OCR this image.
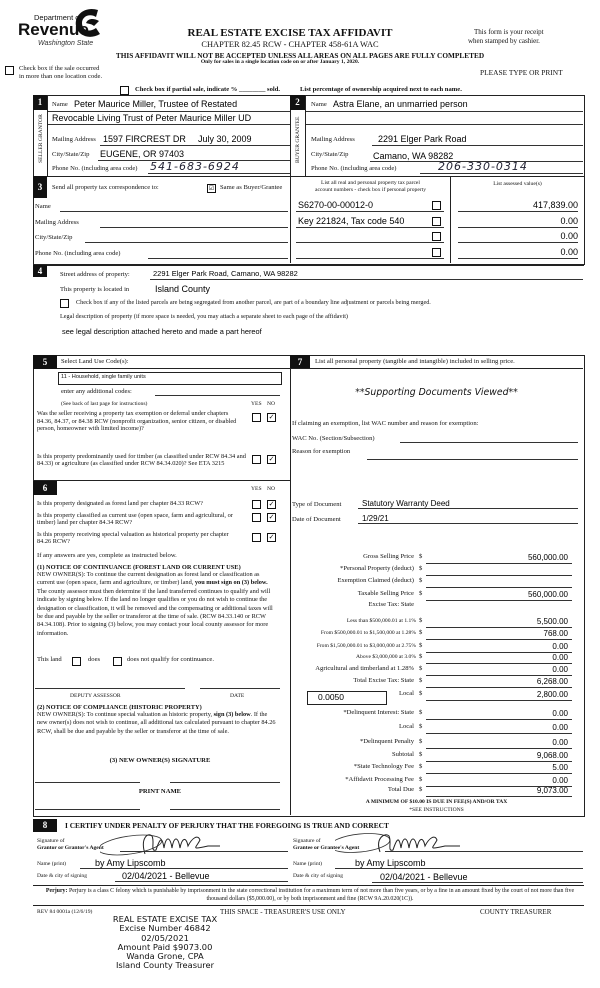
Department of
Revenue
Washington State
REAL ESTATE EXCISE TAX AFFIDAVIT
CHAPTER 82.45 RCW - CHAPTER 458-61A WAC
This form is your receipt
when stamped by cashier.
THIS AFFIDAVIT WILL NOT BE ACCEPTED UNLESS ALL AREAS ON ALL PAGES ARE FULLY COMPLETED
Only for sales in a single location code on or after January 1, 2020.
Check box if the sale occurred
in more than one location code.	PLEASE TYPE OR PRINT
Check box if partial sale, indicate % ________ sold.	List percentage of ownership acquired next to each name.
1
SELLER GRANTOR
Name Peter Maurice Miller, Trustee of Restated
Revocable Living Trust of Peter Maurice Miller UD
Mailing Address 1597 FIRCREST DR July 30, 2009
City/State/Zip EUGENE, OR 97403
Phone No. (including area code) 541-683-6924
2
BUYER GRANTEE
Name Astra Elane, an unmarried person
Mailing Address	2291 Elger Park Road
City/State/Zip	Camano, WA 98282
Phone No. (including area code)	206-330-0314
3	Send all property tax correspondence to:	☑ Same as Buyer/Grantee
Name
Mailing Address
City/State/Zip
Phone No. (including area code)
List all real and personal property tax parcel
account numbers - check box if personal property
List assessed value(s)
S6270-00-00012-0	417,839.00
Key 221824, Tax code 540	0.00
0.00
0.00
4	Street address of property:	2291 Elger Park Road, Camano, WA 98282
This property is located in	Island County
Check box if any of the listed parcels are being segregated from another parcel, are part of a boundary line adjustment or parcels being merged.
Legal description of property (if more space is needed, you may attach a separate sheet to each page of the affidavit)
see legal description attached hereto and made a part hereof
5	Select Land Use Code(s):
11 - Household, single family units
enter any additional codes:
(See back of last page for instructions)	YES NO
Was the seller receiving a property tax exemption or deferral under chapters 84.36, 84.37, or 84.38 RCW (nonprofit organization, senior citizen, or disabled person, homeowner with limited income)?
✓
Is this property predominantly used for timber (as classified under RCW 84.34 and 84.33) or agriculture (as classified under RCW 84.34.020)? See ETA 3215
✓
6	YES NO
Is this property designated as forest land per chapter 84.33 RCW?	✓
Is this property classified as current use (open space, farm and agricultural, or timber) land per chapter 84.34 RCW?
✓
Is this property receiving special valuation as historical property per chapter 84.26 RCW?	✓
If any answers are yes, complete as instructed below.
(1) NOTICE OF CONTINUANCE (FOREST LAND OR CURRENT USE)
NEW OWNER(S): To continue the current designation as forest land or classification as current use (open space, farm and agriculture, or timber) land, you must sign on (3) below. The county assessor must then determine if the land transferred continues to qualify and will indicate by signing below. If the land no longer qualifies or you do not wish to continue the designation or classification, it will be removed and the compensating or additional taxes will be due and payable by the seller or transferor at the time of sale. (RCW 84.33.140 or RCW 84.34.108). Prior to signing (3) below, you may contact your local county assessor for more information.
This land	does	does not qualify for continuance.
DEPUTY ASSESSOR	DATE
(2) NOTICE OF COMPLIANCE (HISTORIC PROPERTY)
NEW OWNER(S): To continue special valuation as historic property, sign (3) below. If the new owner(s) does not wish to continue, all additional tax calculated pursuant to chapter 84.26 RCW, shall be due and payable by the seller or transferor at the time of sale.
(3) NEW OWNER(S) SIGNATURE
PRINT NAME
7	List all personal property (tangible and intangible) included in selling price.
**Supporting Documents Viewed**
If claiming an exemption, list WAC number and reason for exemption:
WAC No. (Section/Subsection)
Reason for exemption
Type of Document	Statutory Warranty Deed
Date of Document	1/29/21
Gross Selling Price $	560,000.00
*Personal Property (deduct) $
Exemption Claimed (deduct) $
Taxable Selling Price $	560,000.00
Excise Tax: State
Less than $500,000.01 at 1.1% $	5,500.00
From $500,000.01 to $1,500,000 at 1.28% $	768.00
From $1,500,000.01 to $3,000,000 at 2.75% $	0.00
Above $3,000,000 at 3.0% $	0.00
Agricultural and timberland at 1.28% $	0.00
Total Excise Tax: State $	6,268.00
Local $	2,800.00
*Delinquent Interest: State $	0.00
Local $	0.00
*Delinquent Penalty $	0.00
Subtotal $	9,068.00
*State Technology Fee $	5.00
*Affidavit Processing Fee $	0.00
Total Due $	9,073.00
0.0050
A MINIMUM OF $10.00 IS DUE IN FEE(S) AND/OR TAX
*SEE INSTRUCTIONS
8	I CERTIFY UNDER PENALTY OF PERJURY THAT THE FOREGOING IS TRUE AND CORRECT
Signature of
Grantor or Grantor's Agent
Name (print)	by Amy Lipscomb
Date & city of signing	02/04/2021 - Bellevue
Signature of
Grantee or Grantee's Agent
Name (print)	by Amy Lipscomb
Date & city of signing	02/04/2021 - Bellevue
Perjury: Perjury is a class C felony which is punishable by imprisonment in the state correctional institution for a maximum term of not more than five years, or by a fine in an amount fixed by the court of not more than five thousand dollars ($5,000.00), or by both imprisonment and fine (RCW 9A.20.020(1C)).
REV 84 0001a (12/6/19)	THIS SPACE - TREASURER'S USE ONLY	COUNTY TREASURER
REAL ESTATE EXCISE TAX
Excise Number 46842
02/05/2021
Amount Paid $9073.00
Wanda Grone, CPA
Island County Treasurer
